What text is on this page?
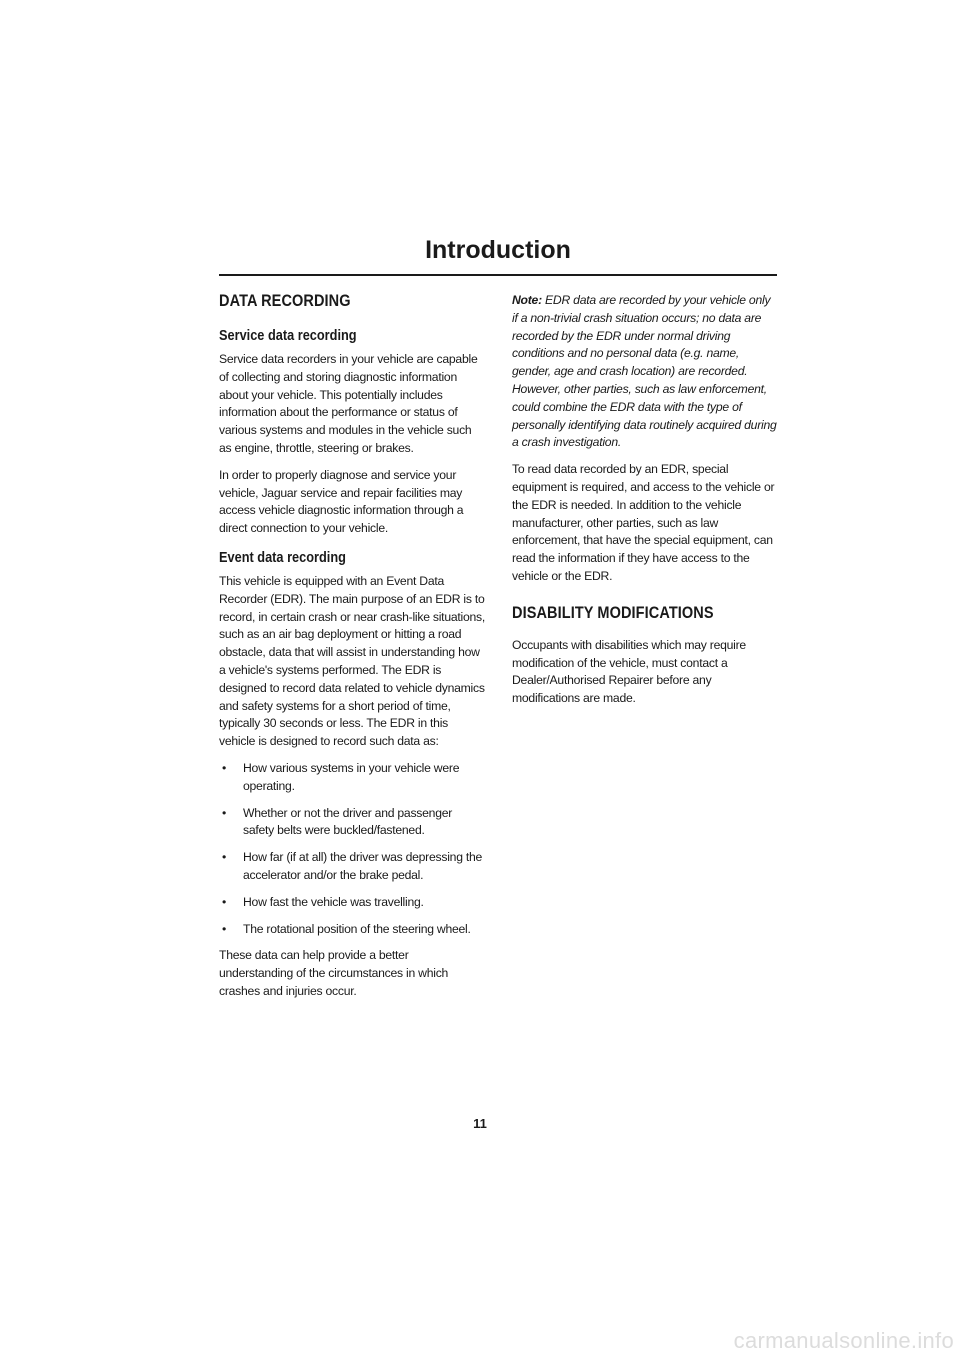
Introduction
DATA RECORDING
Service data recording

Service data recorders in your vehicle are capable of collecting and storing diagnostic information about your vehicle. This potentially includes information about the performance or status of various systems and modules in the vehicle such as engine, throttle, steering or brakes.

In order to properly diagnose and service your vehicle, Jaguar service and repair facilities may access vehicle diagnostic information through a direct connection to your vehicle.

Event data recording

This vehicle is equipped with an Event Data Recorder (EDR). The main purpose of an EDR is to record, in certain crash or near crash-like situations, such as an air bag deployment or hitting a road obstacle, data that will assist in understanding how a vehicle's systems performed. The EDR is designed to record data related to vehicle dynamics and safety systems for a short period of time, typically 30 seconds or less. The EDR in this vehicle is designed to record such data as:

• How various systems in your vehicle were operating.
• Whether or not the driver and passenger safety belts were buckled/fastened.
• How far (if at all) the driver was depressing the accelerator and/or the brake pedal.
• How fast the vehicle was travelling.
• The rotational position of the steering wheel.

These data can help provide a better understanding of the circumstances in which crashes and injuries occur.

Note: EDR data are recorded by your vehicle only if a non-trivial crash situation occurs; no data are recorded by the EDR under normal driving conditions and no personal data (e.g. name, gender, age and crash location) are recorded. However, other parties, such as law enforcement, could combine the EDR data with the type of personally identifying data routinely acquired during a crash investigation.

To read data recorded by an EDR, special equipment is required, and access to the vehicle or the EDR is needed. In addition to the vehicle manufacturer, other parties, such as law enforcement, that have the special equipment, can read the information if they have access to the vehicle or the EDR.

DISABILITY MODIFICATIONS

Occupants with disabilities which may require modification of the vehicle, must contact a Dealer/Authorised Repairer before any modifications are made.

11
carmanualsonline.info
